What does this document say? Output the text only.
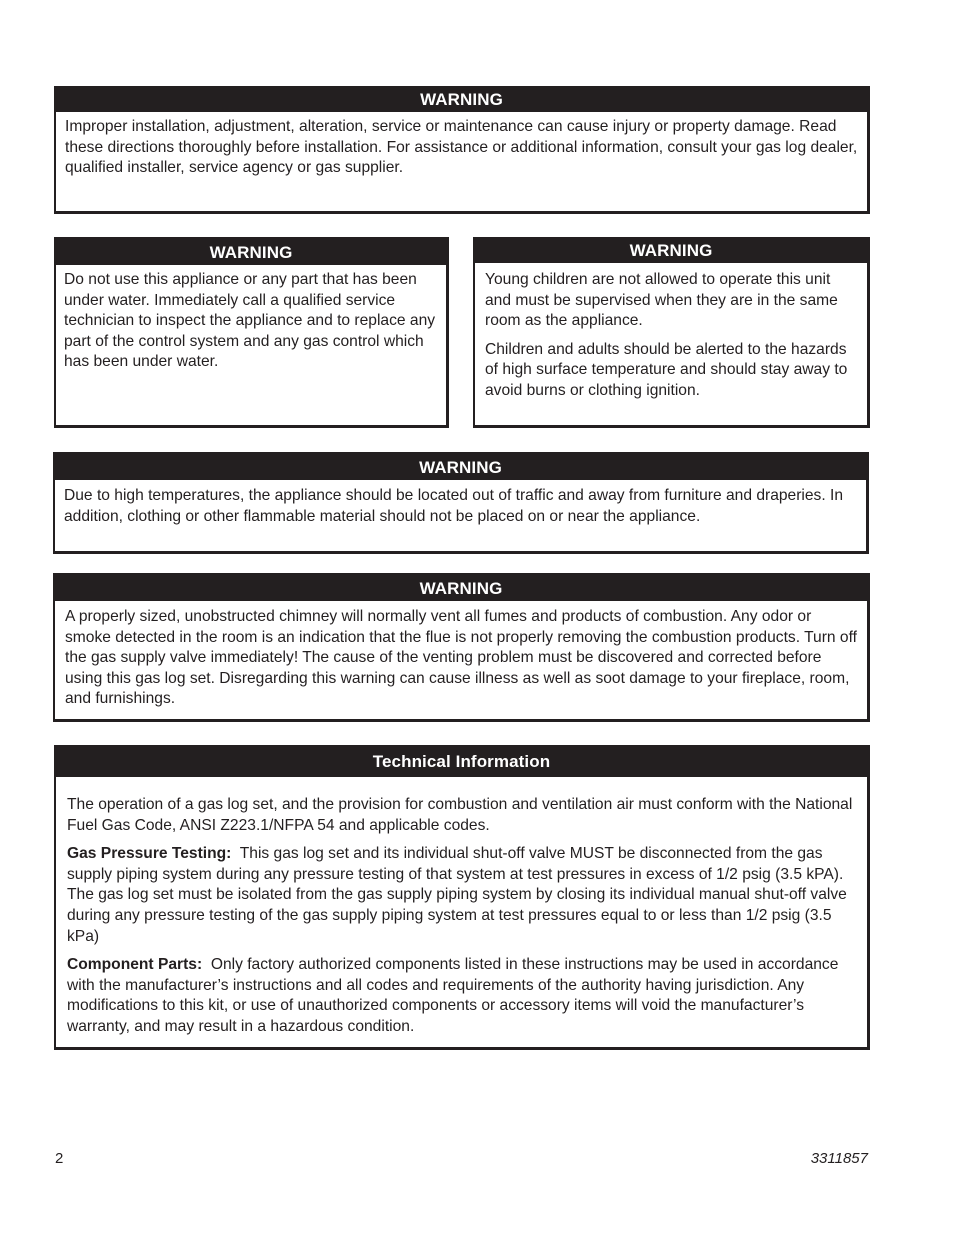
WARNING

Improper installation, adjustment, alteration, service or maintenance can cause injury or property damage. Read these directions thoroughly before installation. For assistance or additional information, consult your gas log dealer, qualified installer, service agency or gas supplier.

WARNING

Do not use this appliance or any part that has been under water. Immediately call a qualified service technician to inspect the appliance and to replace any part of the control system and any gas control which has been under water.

WARNING

Young children are not allowed to operate this unit and must be supervised when they are in the same room as the appliance.

Children and adults should be alerted to the hazards of high surface temperature and should stay away to avoid burns or clothing ignition.

WARNING

Due to high temperatures, the appliance should be located out of traffic and away from furniture and draperies. In addition, clothing or other flammable material should not be placed on or near the appliance.

WARNING

A properly sized, unobstructed chimney will normally vent all fumes and products of combustion. Any odor or smoke detected in the room is an indication that the flue is not properly removing the combustion products. Turn off the gas supply valve immediately! The cause of the venting problem must be discovered and corrected before using this gas log set. Disregarding this warning can cause illness as well as soot damage to your fireplace, room, and furnishings.

Technical Information

The operation of a gas log set, and the provision for combustion and ventilation air must conform with the National Fuel Gas Code, ANSI Z223.1/NFPA 54 and applicable codes.

Gas Pressure Testing: This gas log set and its individual shut-off valve MUST be disconnected from the gas supply piping system during any pressure testing of that system at test pressures in excess of 1/2 psig (3.5 kPA). The gas log set must be isolated from the gas supply piping system by closing its individual manual shut-off valve during any pressure testing of the gas supply piping system at test pressures equal to or less than 1/2 psig (3.5 kPa)

Component Parts: Only factory authorized components listed in these instructions may be used in accordance with the manufacturer’s instructions and all codes and requirements of the authority having jurisdiction. Any modifications to this kit, or use of unauthorized components or accessory items will void the manufacturer’s warranty, and may result in a hazardous condition.

2	3311857
